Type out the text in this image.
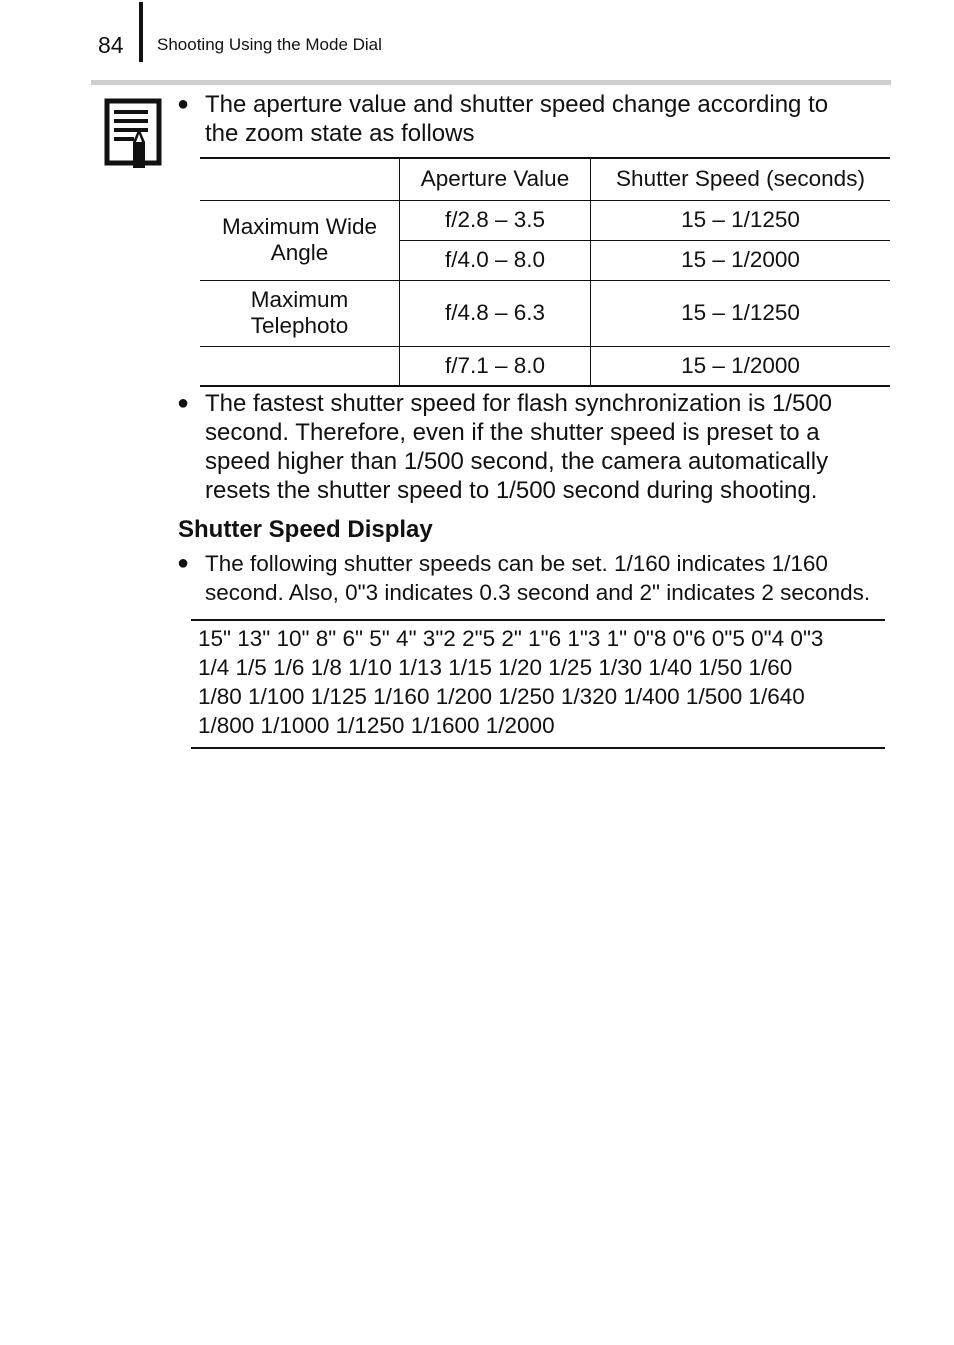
84 Shooting Using the Mode Dial
● The aperture value and shutter speed change according to
the zoom state as follows
	Aperture Value	Shutter Speed (seconds)

Maximum Wide
Angle	f/2.8 – 3.5	15 – 1/1250
	f/4.0 – 8.0	15 – 1/2000

Maximum
Telephoto	f/4.8 – 6.3	15 – 1/1250
	f/7.1 – 8.0	15 – 1/2000
● The fastest shutter speed for flash synchronization is 1/500
second. Therefore, even if the shutter speed is preset to a
speed higher than 1/500 second, the camera automatically
resets the shutter speed to 1/500 second during shooting.
Shutter Speed Display
● The following shutter speeds can be set. 1/160 indicates 1/160
second. Also, 0"3 indicates 0.3 second and 2" indicates 2 seconds.
15" 13" 10" 8" 6" 5" 4" 3"2 2"5 2" 1"6 1"3 1" 0"8 0"6 0"5 0"4 0"3
1/4 1/5 1/6 1/8 1/10 1/13 1/15 1/20 1/25 1/30 1/40 1/50 1/60
1/80 1/100 1/125 1/160 1/200 1/250 1/320 1/400 1/500 1/640
1/800 1/1000 1/1250 1/1600 1/2000
